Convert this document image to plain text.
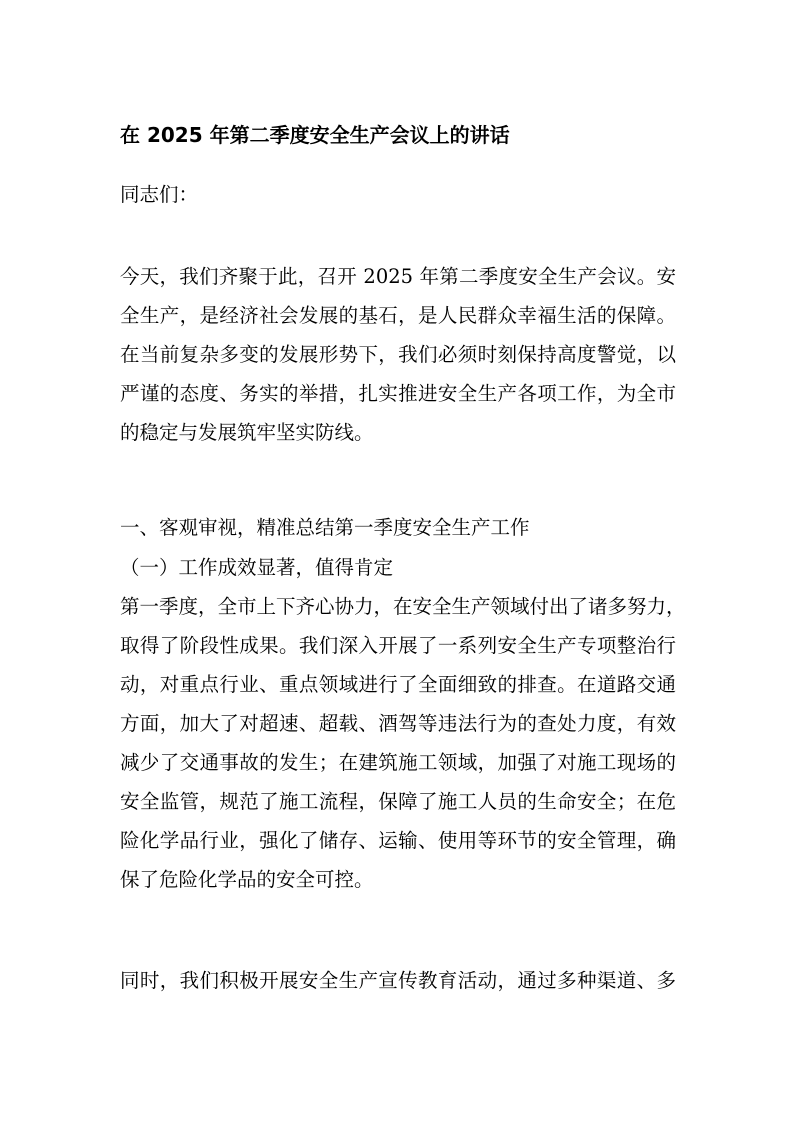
在 2025 年第二季度安全生产会议上的讲话
同志们：
今天，我们齐聚于此，召开 2025 年第二季度安全生产会议。安
全生产，是经济社会发展的基石，是人民群众幸福生活的保障。
在当前复杂多变的发展形势下，我们必须时刻保持高度警觉，以
严谨的态度、务实的举措，扎实推进安全生产各项工作，为全市
的稳定与发展筑牢坚实防线。
一、客观审视，精准总结第一季度安全生产工作
（一）工作成效显著，值得肯定
第一季度，全市上下齐心协力，在安全生产领域付出了诸多努力，
取得了阶段性成果。我们深入开展了一系列安全生产专项整治行
动，对重点行业、重点领域进行了全面细致的排查。在道路交通
方面，加大了对超速、超载、酒驾等违法行为的查处力度，有效
减少了交通事故的发生；在建筑施工领域，加强了对施工现场的
安全监管，规范了施工流程，保障了施工人员的生命安全；在危
险化学品行业，强化了储存、运输、使用等环节的安全管理，确
保了危险化学品的安全可控。
同时，我们积极开展安全生产宣传教育活动，通过多种渠道、多
